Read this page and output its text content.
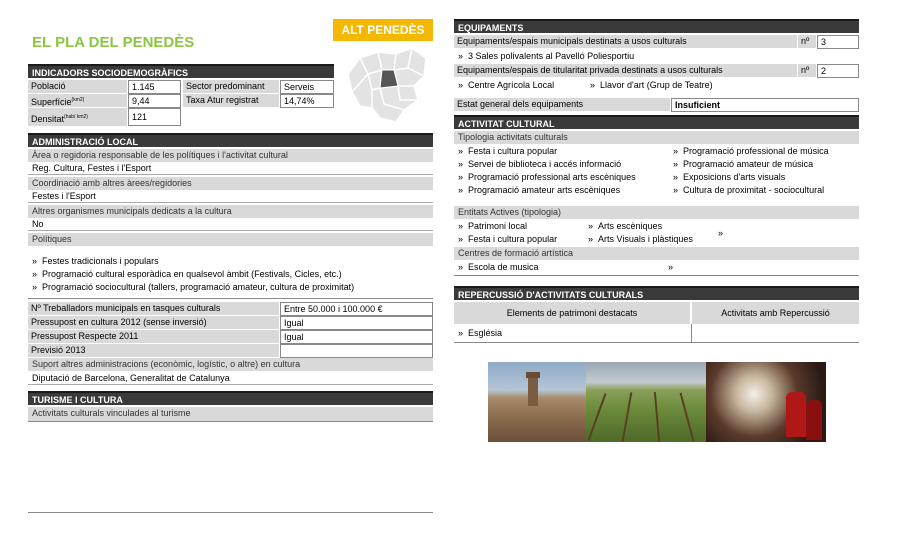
EL PLA DEL PENEDÈS
ALT PENEDÈS
INDICADORS SOCIODEMOGRÀFICS
Població	1.145	Sector predominant	Serveis
Superfície$^{(km2)}$	9,44	Taxa Atur registrat	14,74%
Densitat$^{(hab/ km2)}$	121
ADMINISTRACIÓ LOCAL
Àrea o regidoria responsable de les polítiques i l'activitat cultural
Reg. Cultura, Festes i l'Esport
Coordinació amb altres àrees/regidories
Festes i l'Esport
Altres organismes municipals dedicats a la cultura
No
Polítiques
» Festes tradicionals i populars
» Programació cultural esporàdica en qualsevol àmbit (Festivals, Cicles, etc.)
» Programació sociocultural (tallers, programació amateur, cultura de proximitat)
Nº Treballadors municipals en tasques culturals	Entre 50.000 i 100.000 €
Pressupost en cultura 2012 (sense inversió)	Igual
Pressupost Respecte 2011	Igual
Previsió 2013
Suport altres administracions (econòmic, logístic, o altre) en cultura
Diputació de Barcelona, Generalitat de Catalunya
TURISME I CULTURA
Activitats culturals vinculades al turisme
EQUIPAMENTS
Equipaments/espais municipals destinats a usos culturals	nº	3
» 3 Sales polivalents al Pavelló Poliesportiu
Equipaments/espais de titularitat privada destinats a usos culturals	nº	2
» Centre Agrícola Local	» Llavor d'art (Grup de Teatre)
Estat general dels equipaments	Insuficient
ACTIVITAT CULTURAL
Tipologia activitats culturals
» Festa i cultura popular
» Servei de biblioteca i accés informació
» Programació professional arts escèniques
» Programació amateur arts escèniques
» Programació professional de música
» Programació amateur de música
» Exposicions d'arts visuals
» Cultura de proximitat - sociocultural
Entitats Actives (tipologia)
» Patrimoni local
» Festa i cultura popular
» Arts escèniques
» Arts Visuals i plàstiques
»
Centres de formació artística
» Escola de musica	»
REPERCUSSIÓ D'ACTIVITATS CULTURALS
Elements de patrimoni destacats	Activitats amb Repercussió
» Església
